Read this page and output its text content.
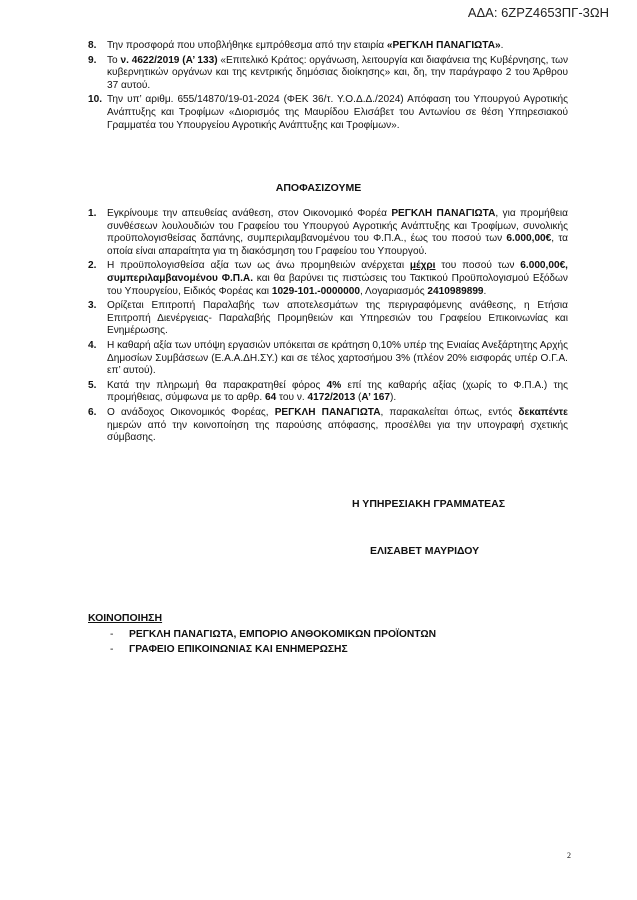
ΑΔΑ: 6ΖΡΖ4653ΠΓ-3ΩΗ
8. Την προσφορά που υποβλήθηκε εμπρόθεσμα από την εταιρία «ΡΕΓΚΛΗ ΠΑΝΑΓΙΩΤΑ».
9. Το ν. 4622/2019 (Α’ 133) «Επιτελικό Κράτος: οργάνωση, λειτουργία και διαφάνεια της Κυβέρνησης, των κυβερνητικών οργάνων και της κεντρικής δημόσιας διοίκησης» και, δη, την παράγραφο 2 του Άρθρου 37 αυτού.
10. Την υπ’ αριθμ. 655/14870/19-01-2024 (ΦΕΚ 36/τ. Υ.Ο.Δ.Δ./2024) Απόφαση του Υπουργού Αγροτικής Ανάπτυξης και Τροφίμων «Διορισμός της Μαυρίδου Ελισάβετ του Αντωνίου σε θέση Υπηρεσιακού Γραμματέα του Υπουργείου Αγροτικής Ανάπτυξης και Τροφίμων».
ΑΠΟΦΑΣΙΖΟΥΜΕ
1. Εγκρίνουμε την απευθείας ανάθεση, στον Οικονομικό Φορέα ΡΕΓΚΛΗ ΠΑΝΑΓΙΩΤΑ, για προμήθεια συνθέσεων λουλουδιών του Γραφείου του Υπουργού Αγροτικής Ανάπτυξης και Τροφίμων, συνολικής προϋπολογισθείσας δαπάνης, συμπεριλαμβανομένου του Φ.Π.Α., έως του ποσού των 6.000,00€, τα οποία είναι απαραίτητα για τη διακόσμηση του Γραφείου του Υπουργού.
2. Η προϋπολογισθείσα αξία των ως άνω προμηθειών ανέρχεται μέχρι του ποσού των 6.000,00€, συμπεριλαμβανομένου Φ.Π.Α. και θα βαρύνει τις πιστώσεις του Τακτικού Προϋπολογισμού Εξόδων του Υπουργείου, Ειδικός Φορέας και 1029-101.-0000000, Λογαριασμός 2410989899.
3. Ορίζεται Επιτροπή Παραλαβής των αποτελεσμάτων της περιγραφόμενης ανάθεσης, η Ετήσια Επιτροπή Διενέργειας- Παραλαβής Προμηθειών και Υπηρεσιών του Γραφείου Επικοινωνίας και Ενημέρωσης.
4. Η καθαρή αξία των υπόψη εργασιών υπόκειται σε κράτηση 0,10% υπέρ της Ενιαίας Ανεξάρτητης Αρχής Δημοσίων Συμβάσεων (Ε.Α.Α.ΔΗ.ΣΥ.) και σε τέλος χαρτοσήμου 3% (πλέον 20% εισφοράς υπέρ Ο.Γ.Α. επ’ αυτού).
5. Κατά την πληρωμή θα παρακρατηθεί φόρος 4% επί της καθαρής αξίας (χωρίς το Φ.Π.Α.) της προμήθειας, σύμφωνα με το αρθρ. 64 του ν. 4172/2013 (Α’ 167).
6. Ο ανάδοχος Οικονομικός Φορέας, ΡΕΓΚΛΗ ΠΑΝΑΓΙΩΤΑ, παρακαλείται όπως, εντός δεκαπέντε ημερών από την κοινοποίηση της παρούσης απόφασης, προσέλθει για την υπογραφή σχετικής σύμβασης.
Η ΥΠΗΡΕΣΙΑΚΗ ΓΡΑΜΜΑΤΕΑΣ
ΕΛΙΣΑΒΕΤ ΜΑΥΡΙΔΟΥ
ΚΟΙΝΟΠΟΙΗΣΗ
- ΡΕΓΚΛΗ ΠΑΝΑΓΙΩΤΑ, ΕΜΠΟΡΙΟ ΑΝΘΟΚΟΜΙΚΩΝ ΠΡΟΪΟΝΤΩΝ
- ΓΡΑΦΕΙΟ ΕΠΙΚΟΙΝΩΝΙΑΣ ΚΑΙ ΕΝΗΜΕΡΩΣΗΣ
2
